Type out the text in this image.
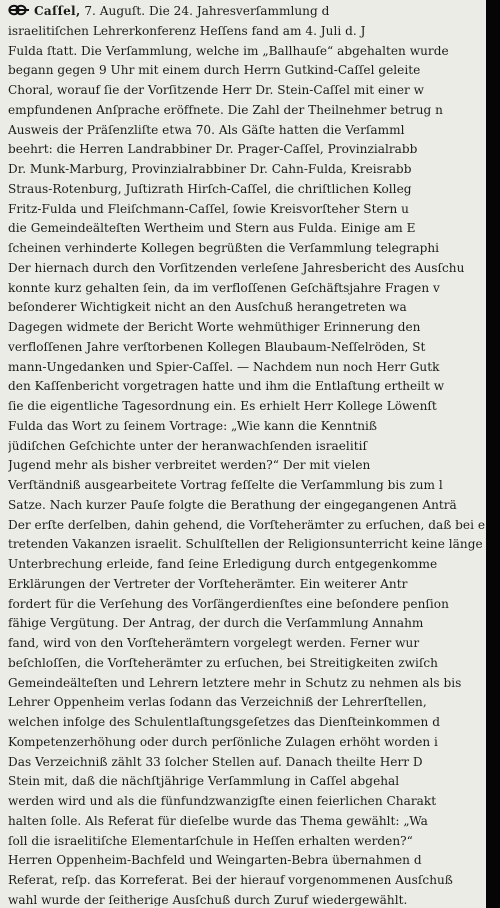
Caſſel, 7. Auguſt. Die 24. Jahresverſammlung d
israelitiſchen Lehrerkonferenz Heſſens fand am 4. Juli d. J
Fulda ſtatt. Die Verſammlung, welche im „Ballhauſe“ abgehalten wurde
begann gegen 9 Uhr mit einem durch Herrn Gutkind-Caſſel geleite
Choral, worauf ſie der Vorſitzende Herr Dr. Stein-Caſſel mit einer w
empfundenen Anſprache eröffnete. Die Zahl der Theilnehmer betrug n
Ausweis der Präſenzliſte etwa 70. Als Gäſte hatten die Verſamml
beehrt: die Herren Landrabbiner Dr. Prager-Caſſel, Provinzialrabb
Dr. Munk-Marburg, Provinzialrabbiner Dr. Cahn-Fulda, Kreisrabb
Straus-Rotenburg, Juſtizrath Hirſch-Caſſel, die chriſtlichen Kolleg
Fritz-Fulda und Fleiſchmann-Caſſel, ſowie Kreisvorſteher Stern u
die Gemeindeälteſten Wertheim und Stern aus Fulda. Einige am E
ſcheinen verhinderte Kollegen begrüßten die Verſammlung telegraphi
Der hiernach durch den Vorſitzenden verleſene Jahresbericht des Ausſchu
konnte kurz gehalten ſein, da im verfloſſenen Geſchäftsjahre Fragen v
beſonderer Wichtigkeit nicht an den Ausſchuß herangetreten wa
Dagegen widmete der Bericht Worte wehmüthiger Erinnerung den
verfloſſenen Jahre verſtorbenen Kollegen Blaubaum-Neſſelröden, St
mann-Ungedanken und Spier-Caſſel. — Nachdem nun noch Herr Gutk
den Kaſſenbericht vorgetragen hatte und ihm die Entlaſtung ertheilt w
ſie die eigentliche Tagesordnung ein. Es erhielt Herr Kollege Löwenſt
Fulda das Wort zu ſeinem Vortrage: „Wie kann die Kenntniß
jüdiſchen Geſchichte unter der heranwachſenden israelitiſ
Jugend mehr als bisher verbreitet werden?“ Der mit vielen
Verſtändniß ausgearbeitete Vortrag feſſelte die Verſammlung bis zum l
Satze. Nach kurzer Pauſe folgte die Berathung der eingegangenen Anträ
Der erſte derſelben, dahin gehend, die Vorſteherämter zu erſuchen, daß bei e
tretenden Vakanzen israelit. Schulſtellen der Religionsunterricht keine länge
Unterbrechung erleide, fand ſeine Erledigung durch entgegenkomme
Erklärungen der Vertreter der Vorſteherämter. Ein weiterer Antr
fordert für die Verſehung des Vorſängerdienſtes eine beſondere penſion
fähige Vergütung. Der Antrag, der durch die Verſammlung Annahm
fand, wird von den Vorſteherämtern vorgelegt werden. Ferner wur
beſchloſſen, die Vorſteherämter zu erſuchen, bei Streitigkeiten zwiſch
Gemeindeälteſten und Lehrern letztere mehr in Schutz zu nehmen als bis
Lehrer Oppenheim verlas ſodann das Verzeichniß der Lehrerſtellen,
welchen infolge des Schulentlaſtungsgeſetzes das Dienſteinkommen d
Kompetenzerhöhung oder durch perſönliche Zulagen erhöht worden i
Das Verzeichniß zählt 33 ſolcher Stellen auf. Danach theilte Herr D
Stein mit, daß die nächſtjährige Verſammlung in Caſſel abgehal
werden wird und als die fünfundzwanzigſte einen feierlichen Charakt
halten ſolle. Als Referat für dieſelbe wurde das Thema gewählt: „Wa
ſoll die israelitiſche Elementarſchule in Heſſen erhalten werden?“
Herren Oppenheim-Bachfeld und Weingarten-Bebra übernahmen d
Referat, reſp. das Korreferat. Bei der hierauf vorgenommenen Ausſchuß
wahl wurde der ſeitherige Ausſchuß durch Zuruf wiedergewählt.
